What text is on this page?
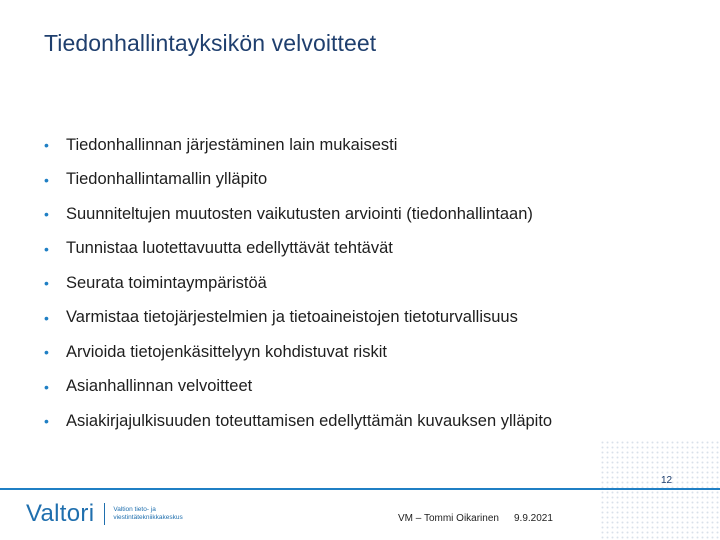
Tiedonhallintayksikön velvoitteet
•	Tiedonhallinnan järjestäminen lain mukaisesti
•	Tiedonhallintamallin ylläpito
•	Suunniteltujen muutosten vaikutusten arviointi (tiedonhallintaan)
•	Tunnistaa luotettavuutta edellyttävät tehtävät
•	Seurata toimintaympäristöä
•	Varmistaa tietojärjestelmien ja tietoaineistojen tietoturvallisuus
•	Arvioida tietojenkäsittelyyn kohdistuvat riskit
•	Asianhallinnan velvoitteet
•	Asiakirjajulkisuuden toteuttamisen edellyttämän kuvauksen ylläpito
12
Valtori	Valtion tieto- ja viestintätekniikkakeskus	VM – Tommi Oikarinen 9.9.2021
